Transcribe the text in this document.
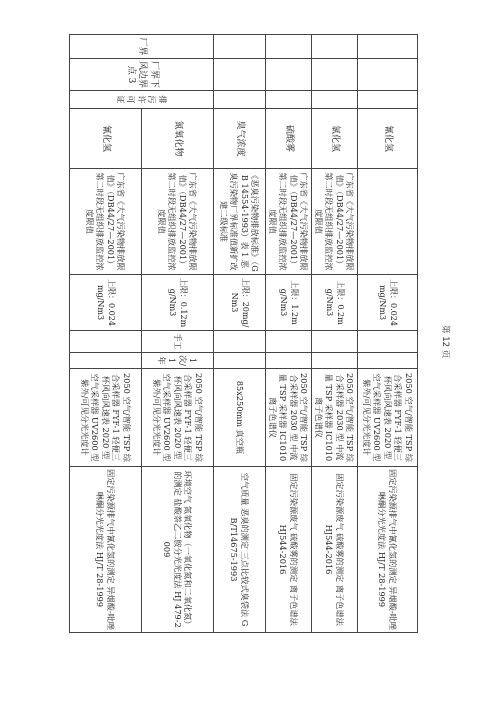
			氰化氢		上限：0.024mg/Nm3			2050 空气/智能 TSP 综合采样器 FYF-1 轻便三杯风向风速表 2020 型 空气采样器 UV2600 型 紫外/可见分光光度计	固定污染源排气中氰化氢的测定 异烟酸-吡唑啉酮分光光度法 HJ/T 28-1999
			氯化氢	广东省《大气污染物排放限值》（DB44/27—2001）第二时段无组织排放监控浓度限值	上限：0.2mg/Nm3			2050 空气/智能 TSP 综合采样器 2030 型 中流量 TSP 采样器 IC1010 离子色谱仪	固定污染源废气 硫酸雾的测定 离子色谱法 HJ544-2016
			硫酸雾	广东省《大气污染物排放限值》（DB44/27—2001）第二时段无组织排放监控浓度限值	上限：1.2mg/Nm3			2050 空气/智能 TSP 综合采样器 2030 型 中流量 TSP 采样器 IC1010 离子色谱仪	固定污染源废气 硫酸雾的测定 离子色谱法 HJ544-2016
			臭气浓度	《恶臭污染物排放标准》（GB 14554-1993）表 1 恶臭污染物厂界标准值新扩改建二级标准	上限：20mg/Nm3			85x250mm 真空瓶	空气质量 恶臭的测定 三点比较式臭袋法 GB/T14675-1993
厂界	厂界下风边界点 3	排污许可证	氮氧化物	广东省《大气污染物排放限值》（DB44/27—2001）第二时段无组织排放监控浓度限值	上限：0.12mg/Nm3	手工	1次/1年	2050 空气/智能 TSP 综合采样器 FYF-1 轻便三杯风向风速表 2020 型 空气采样器 UV2600 型 紫外/可见分光光度计	环境空气 氮氧化物（一氧化氮和二氧化氮）的测定 盐酸萘乙二胺分光光度法 HJ 479-2009
			氰化氢	广东省《大气污染物排放限值》（DB44/27—2001）第二时段无组织排放监控浓度限值	上限：0.024mg/Nm3			2050 空气/智能 TSP 综合采样器 FYF-1 轻便三杯风向风速表 2020 型 空气采样器 UV2600 型 紫外/可见分光光度计	固定污染源排气中氰化氢的测定 异烟酸-吡唑啉酮分光光度法 HJ/T 28-1999
第 12 页
